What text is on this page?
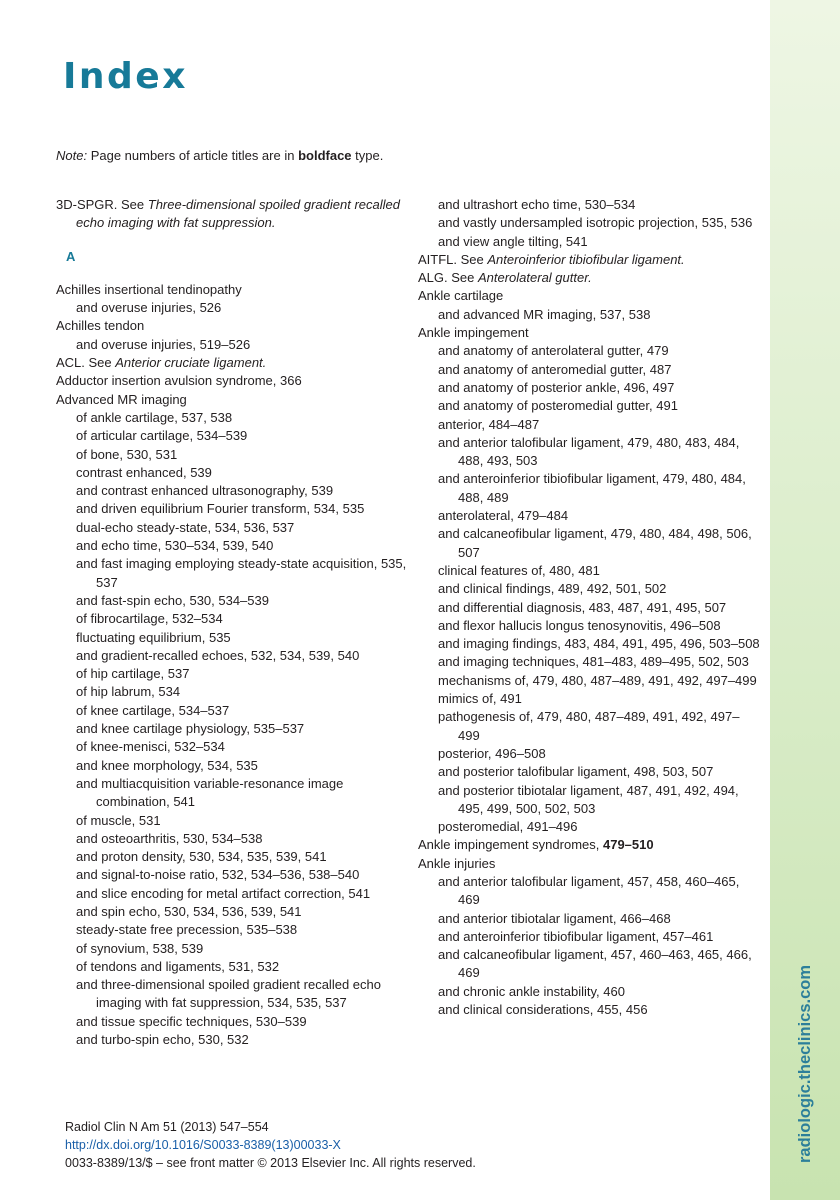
radiologic.theclinics.com
Index
Note: Page numbers of article titles are in boldface type.
3D-SPGR. See Three-dimensional spoiled gradient recalled echo imaging with fat suppression.
A
Achilles insertional tendinopathy
and overuse injuries, 526
Achilles tendon
and overuse injuries, 519–526
ACL. See Anterior cruciate ligament.
Adductor insertion avulsion syndrome, 366
Advanced MR imaging
of ankle cartilage, 537, 538
of articular cartilage, 534–539
of bone, 530, 531
contrast enhanced, 539
and contrast enhanced ultrasonography, 539
and driven equilibrium Fourier transform, 534, 535
dual-echo steady-state, 534, 536, 537
and echo time, 530–534, 539, 540
and fast imaging employing steady-state acquisition, 535, 537
and fast-spin echo, 530, 534–539
of fibrocartilage, 532–534
fluctuating equilibrium, 535
and gradient-recalled echoes, 532, 534, 539, 540
of hip cartilage, 537
of hip labrum, 534
of knee cartilage, 534–537
and knee cartilage physiology, 535–537
of knee-menisci, 532–534
and knee morphology, 534, 535
and multiacquisition variable-resonance image combination, 541
of muscle, 531
and osteoarthritis, 530, 534–538
and proton density, 530, 534, 535, 539, 541
and signal-to-noise ratio, 532, 534–536, 538–540
and slice encoding for metal artifact correction, 541
and spin echo, 530, 534, 536, 539, 541
steady-state free precession, 535–538
of synovium, 538, 539
of tendons and ligaments, 531, 532
and three-dimensional spoiled gradient recalled echo imaging with fat suppression, 534, 535, 537
and tissue specific techniques, 530–539
and turbo-spin echo, 530, 532
and ultrashort echo time, 530–534
and vastly undersampled isotropic projection, 535, 536
and view angle tilting, 541
AITFL. See Anteroinferior tibiofibular ligament.
ALG. See Anterolateral gutter.
Ankle cartilage
and advanced MR imaging, 537, 538
Ankle impingement
and anatomy of anterolateral gutter, 479
and anatomy of anteromedial gutter, 487
and anatomy of posterior ankle, 496, 497
and anatomy of posteromedial gutter, 491
anterior, 484–487
and anterior talofibular ligament, 479, 480, 483, 484, 488, 493, 503
and anteroinferior tibiofibular ligament, 479, 480, 484, 488, 489
anterolateral, 479–484
and calcaneofibular ligament, 479, 480, 484, 498, 506, 507
clinical features of, 480, 481
and clinical findings, 489, 492, 501, 502
and differential diagnosis, 483, 487, 491, 495, 507
and flexor hallucis longus tenosynovitis, 496–508
and imaging findings, 483, 484, 491, 495, 496, 503–508
and imaging techniques, 481–483, 489–495, 502, 503
mechanisms of, 479, 480, 487–489, 491, 492, 497–499
mimics of, 491
pathogenesis of, 479, 480, 487–489, 491, 492, 497–499
posterior, 496–508
and posterior talofibular ligament, 498, 503, 507
and posterior tibiotalar ligament, 487, 491, 492, 494, 495, 499, 500, 502, 503
posteromedial, 491–496
Ankle impingement syndromes, 479–510
Ankle injuries
and anterior talofibular ligament, 457, 458, 460–465, 469
and anterior tibiotalar ligament, 466–468
and anteroinferior tibiofibular ligament, 457–461
and calcaneofibular ligament, 457, 460–463, 465, 466, 469
and chronic ankle instability, 460
and clinical considerations, 455, 456
Radiol Clin N Am 51 (2013) 547–554
http://dx.doi.org/10.1016/S0033-8389(13)00033-X
0033-8389/13/$ – see front matter © 2013 Elsevier Inc. All rights reserved.
